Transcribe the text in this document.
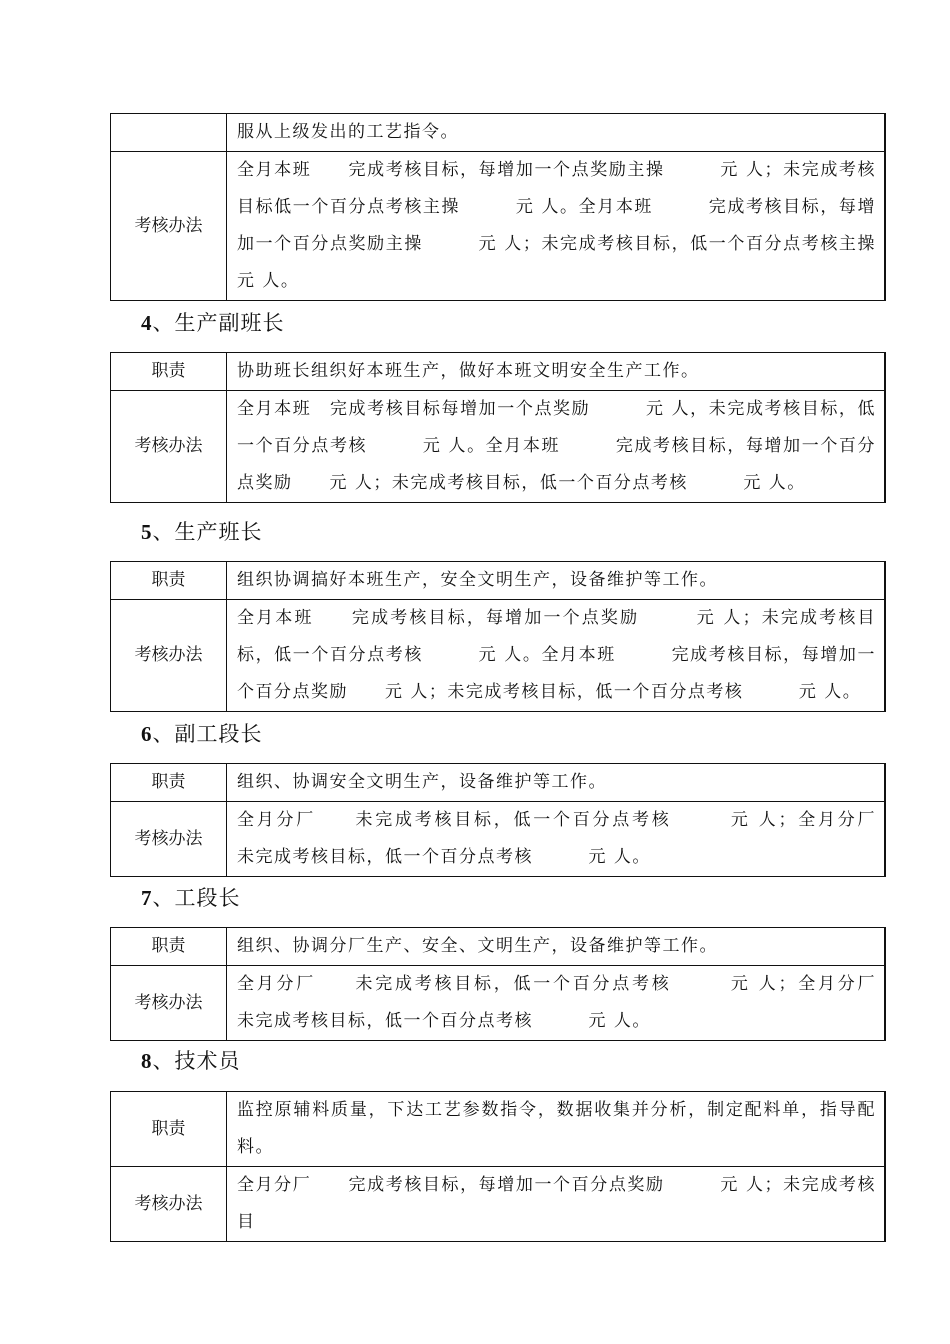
	服从上级发出的工艺指令。
考核办法	全月本班　　完成考核目标，每增加一个点奖励主操　　　元 人；未完成考核目标低一个百分点考核主操　　　元 人。全月本班　　　完成考核目标，每增加一个百分点奖励主操　　　元 人；未完成考核目标，低一个百分点考核主操　　　元 人。
4、生产副班长
职责	协助班长组织好本班生产，做好本班文明安全生产工作。
考核办法	全月本班　完成考核目标每增加一个点奖励　　　元 人，未完成考核目标，低一个百分点考核　　　元 人。全月本班　　　完成考核目标，每增加一个百分点奖励　　元 人；未完成考核目标，低一个百分点考核　　　元 人。
5、生产班长
职责	组织协调搞好本班生产，安全文明生产，设备维护等工作。
考核办法	全月本班　　完成考核目标，每增加一个点奖励　　　元 人；未完成考核目标，低一个百分点考核　　　元 人。全月本班　　　完成考核目标，每增加一个百分点奖励　　元 人；未完成考核目标，低一个百分点考核　　　元 人。
6、副工段长
职责	组织、协调安全文明生产，设备维护等工作。
考核办法	全月分厂　　未完成考核目标，低一个百分点考核　　　元 人；全月分厂　　　未完成考核目标，低一个百分点考核　　　元 人。
7、工段长
职责	组织、协调分厂生产、安全、文明生产，设备维护等工作。
考核办法	全月分厂　　未完成考核目标，低一个百分点考核　　　元 人；全月分厂　　　未完成考核目标，低一个百分点考核　　　元 人。
8、技术员
职责	监控原辅料质量，下达工艺参数指令，数据收集并分析，制定配料单，指导配料。
考核办法	全月分厂　　完成考核目标，每增加一个百分点奖励　　　元 人；未完成考核目
